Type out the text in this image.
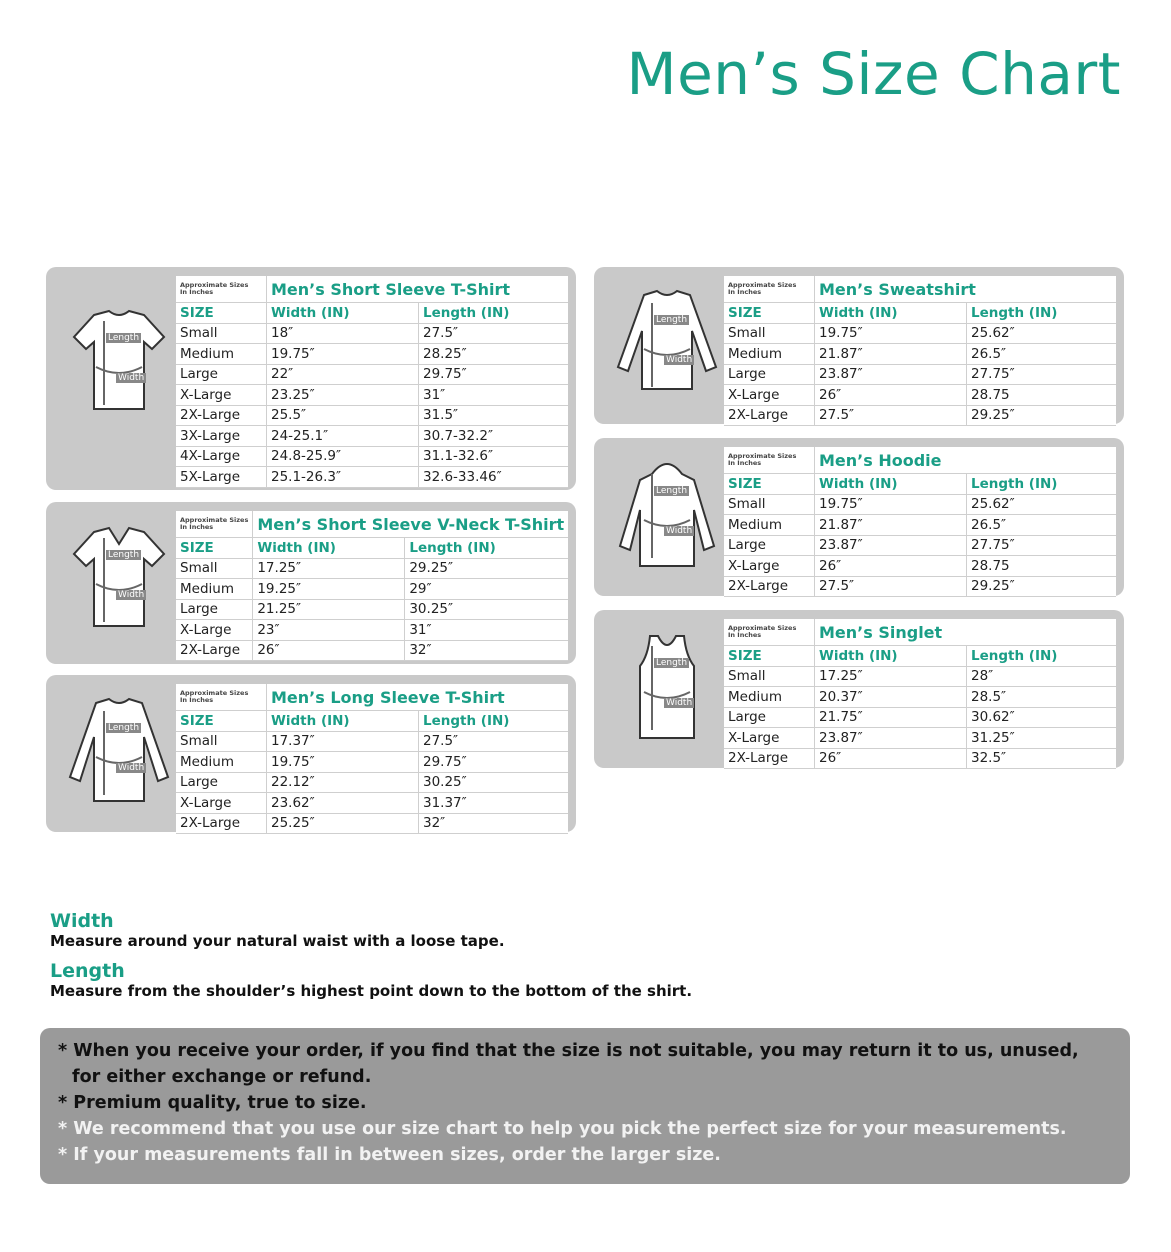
Men’s Size Chart
Length
Width
Approximate Sizes
In Inches	Men’s Short Sleeve T-Shirt	
SIZE	Width (IN)	Length (IN)
Small	18″	27.5″
Medium	19.75″	28.25″
Large	22″	29.75″
X-Large	23.25″	31″
2X-Large	25.5″	31.5″
3X-Large	24-25.1″	30.7-32.2″
4X-Large	24.8-25.9″	31.1-32.6″
5X-Large	25.1-26.3″	32.6-33.46″
Length
Width
Approximate Sizes
In Inches	Men’s Short Sleeve V-Neck T-Shirt	
SIZE	Width (IN)	Length (IN)
Small	17.25″	29.25″
Medium	19.25″	29″
Large	21.25″	30.25″
X-Large	23″	31″
2X-Large	26″	32″
Length
Width
Approximate Sizes
In Inches	Men’s Long Sleeve T-Shirt	
SIZE	Width (IN)	Length (IN)
Small	17.37″	27.5″
Medium	19.75″	29.75″
Large	22.12″	30.25″
X-Large	23.62″	31.37″
2X-Large	25.25″	32″
Length
Width
Approximate Sizes
In Inches	Men’s Sweatshirt	
SIZE	Width (IN)	Length (IN)
Small	19.75″	25.62″
Medium	21.87″	26.5″
Large	23.87″	27.75″
X-Large	26″	28.75
2X-Large	27.5″	29.25″
Length
Width
Approximate Sizes
In Inches	Men’s Hoodie	
SIZE	Width (IN)	Length (IN)
Small	19.75″	25.62″
Medium	21.87″	26.5″
Large	23.87″	27.75″
X-Large	26″	28.75
2X-Large	27.5″	29.25″
Length
Width
Approximate Sizes
In Inches	Men’s Singlet	
SIZE	Width (IN)	Length (IN)
Small	17.25″	28″
Medium	20.37″	28.5″
Large	21.75″	30.62″
X-Large	23.87″	31.25″
2X-Large	26″	32.5″
Width
Measure around your natural waist with a loose tape.
Length
Measure from the shoulder’s highest point down to the bottom of the shirt.
* When you receive your order, if you find that the size is not suitable, you may return it to us, unused, for either exchange or refund.
* Premium quality, true to size.
* We recommend that you use our size chart to help you pick the perfect size for your measurements.
* If your measurements fall in between sizes, order the larger size.
